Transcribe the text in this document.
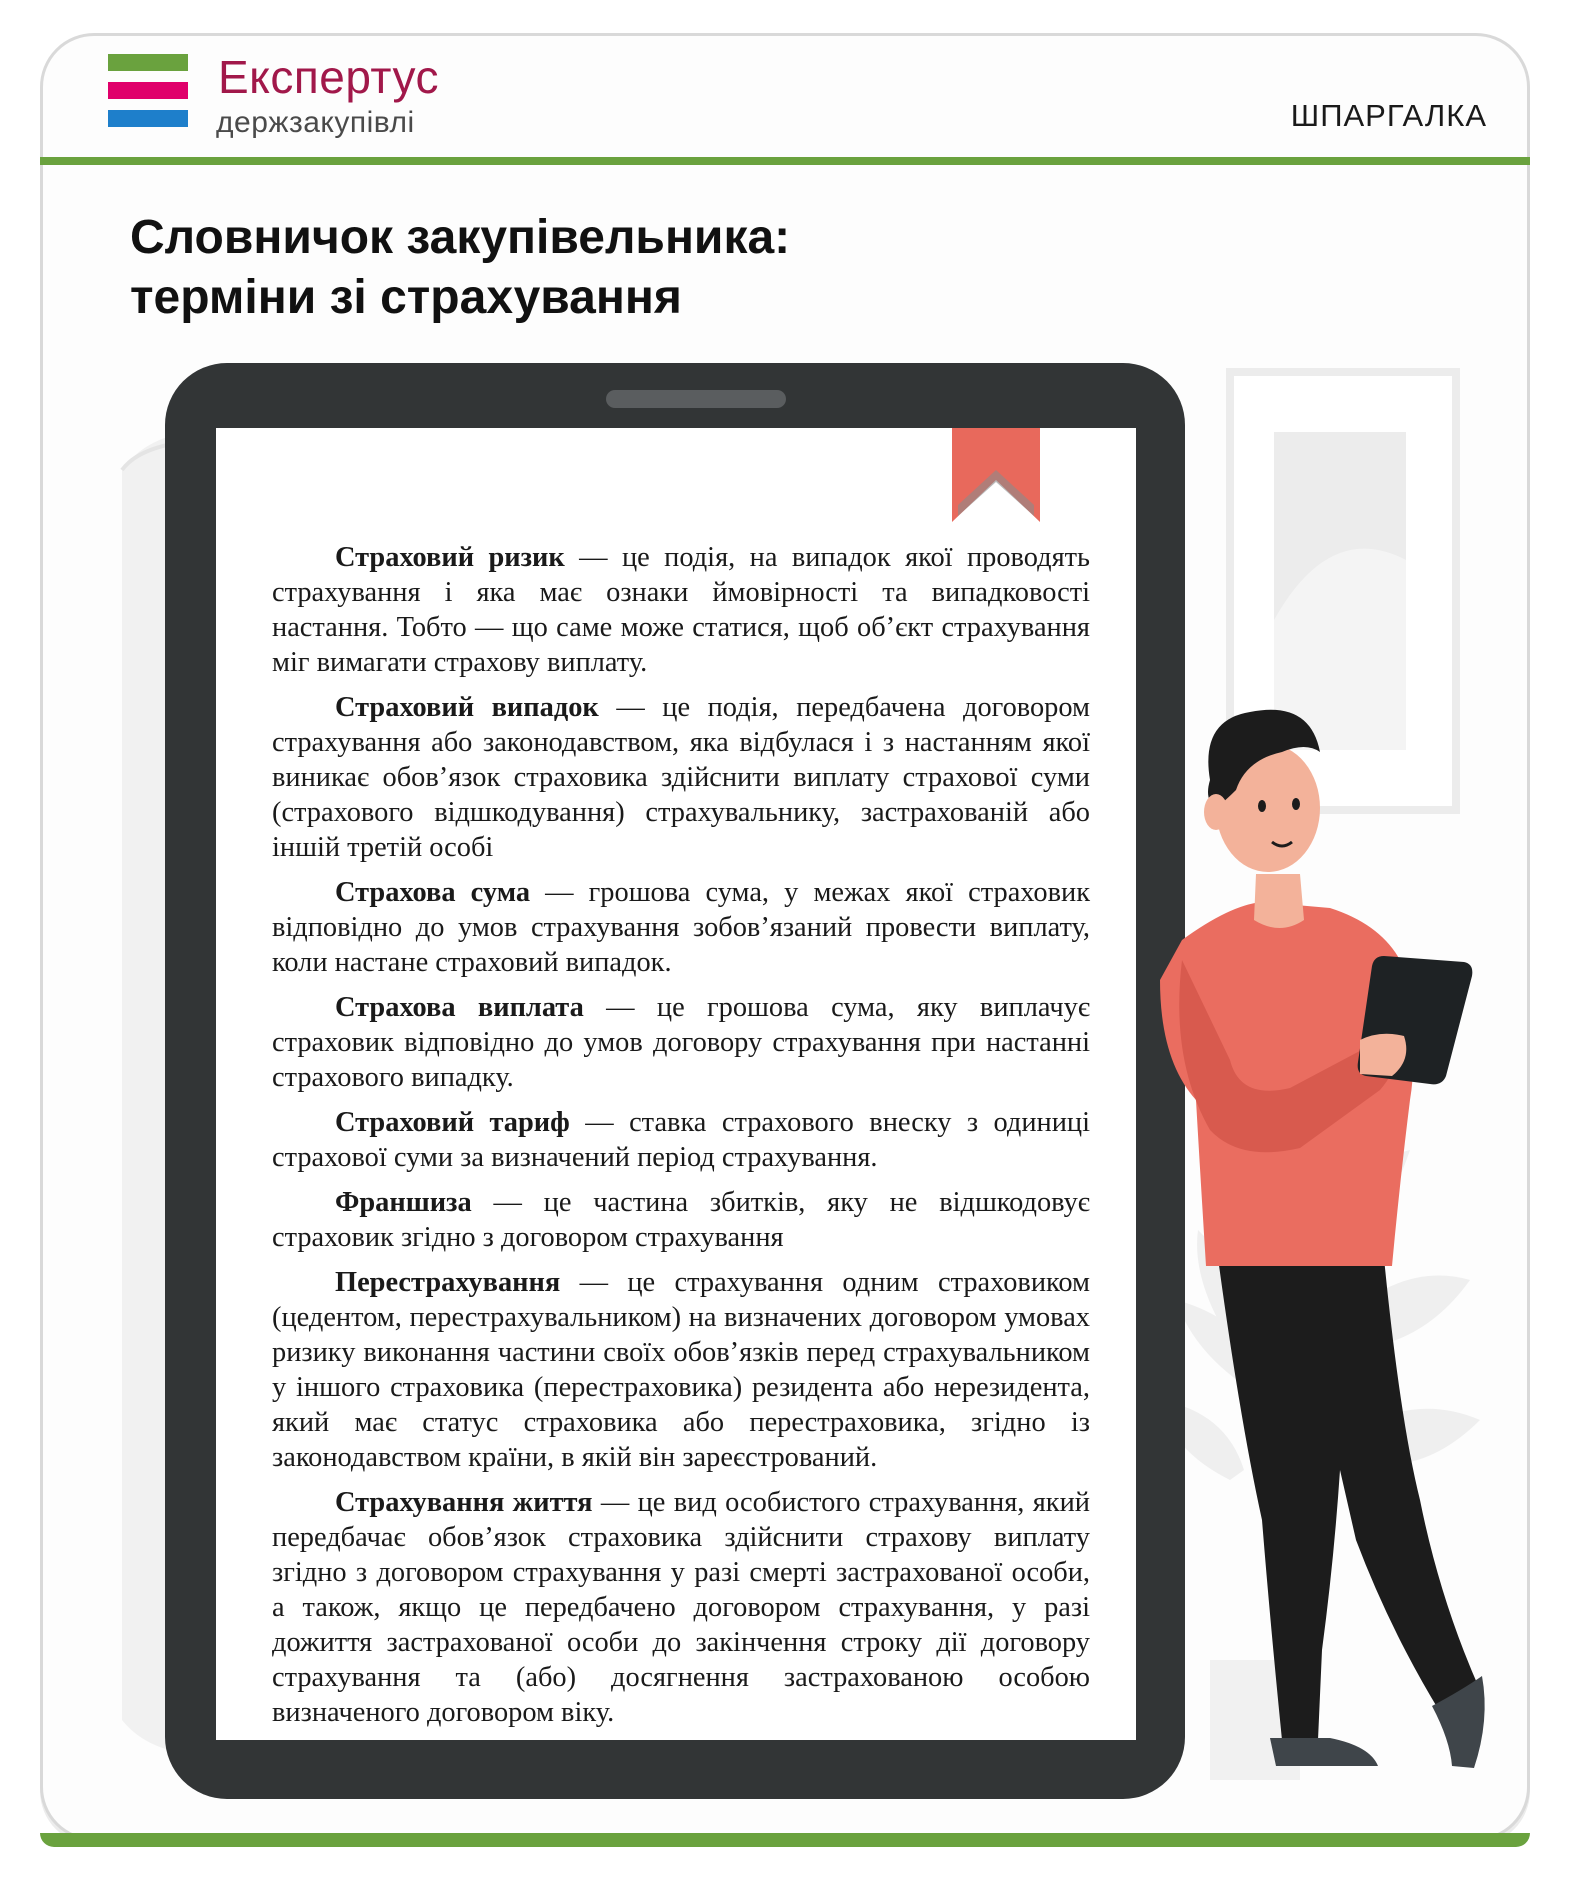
Експертус
держзакупівлі	ШПАРГАЛКА
Словничок закупівельника:
терміни зі страхування

Страховий ризик — це подія, на випадок якої проводять страхування і яка має ознаки ймовірності та випадковості настання. Тобто — що саме може статися, щоб об’єкт страхування міг вимагати страхову виплату.

Страховий випадок — це подія, передбачена договором страхування або законодавством, яка відбулася і з настанням якої виникає обов’язок страховика здійснити виплату страхової суми (страхового відшкодування) страхувальнику, застрахованій або іншій третій особі

Страхова сума — грошова сума, у межах якої страховик відповідно до умов страхування зобов’язаний провести виплату, коли настане страховий випадок.

Страхова виплата — це грошова сума, яку виплачує страховик відповідно до умов договору страхування при настанні страхового випадку.

Страховий тариф — ставка страхового внеску з одиниці страхової суми за визначений період страхування.

Франшиза — це частина збитків, яку не відшкодовує страховик згідно з договором страхування

Перестрахування — це страхування одним страховиком (цедентом, перестрахувальником) на визначених договором умовах ризику виконання частини своїх обов’язків перед страхувальником у іншого страховика (перестраховика) резидента або нерезидента, який має статус страховика або перестраховика, згідно із законодавством країни, в якій він зареєстрований.

Страхування життя — це вид особистого страхування, який передбачає обов’язок страховика здійснити страхову виплату згідно з договором страхування у разі смерті застрахованої особи, а також, якщо це передбачено договором страхування, у разі дожиття застрахованої особи до закінчення строку дії договору страхування та (або) досягнення застрахованою особою визначеного договором віку.
